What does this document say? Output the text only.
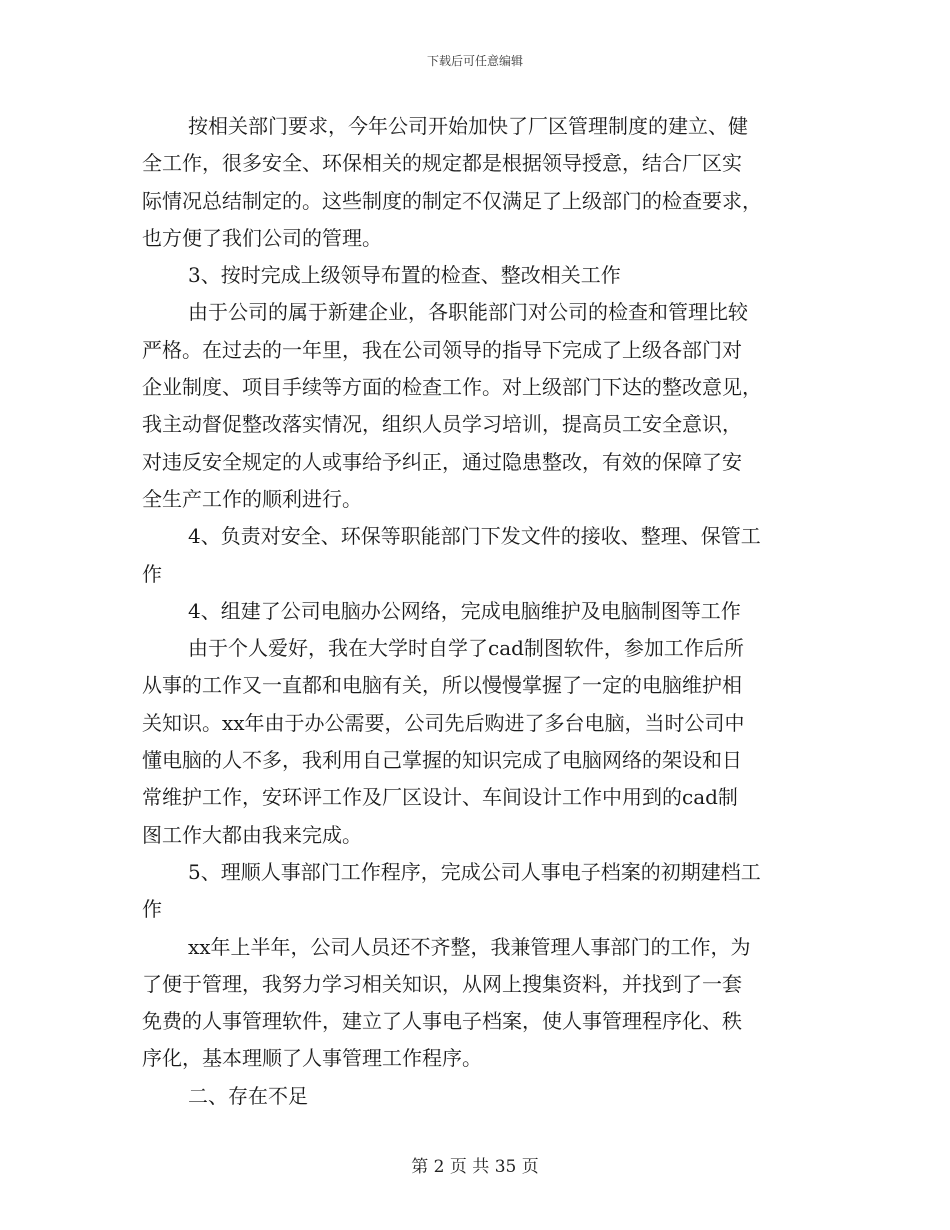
下载后可任意编辑
按相关部门要求，今年公司开始加快了厂区管理制度的建立、健
全工作，很多安全、环保相关的规定都是根据领导授意，结合厂区实
际情况总结制定的。这些制度的制定不仅满足了上级部门的检查要求，
也方便了我们公司的管理。
3、按时完成上级领导布置的检查、整改相关工作
由于公司的属于新建企业，各职能部门对公司的检查和管理比较
严格。在过去的一年里，我在公司领导的指导下完成了上级各部门对
企业制度、项目手续等方面的检查工作。对上级部门下达的整改意见，
我主动督促整改落实情况，组织人员学习培训，提高员工安全意识，
对违反安全规定的人或事给予纠正，通过隐患整改，有效的保障了安
全生产工作的顺利进行。
4、负责对安全、环保等职能部门下发文件的接收、整理、保管工
作
4、组建了公司电脑办公网络，完成电脑维护及电脑制图等工作
由于个人爱好，我在大学时自学了cad制图软件，参加工作后所
从事的工作又一直都和电脑有关，所以慢慢掌握了一定的电脑维护相
关知识。xx年由于办公需要，公司先后购进了多台电脑，当时公司中
懂电脑的人不多，我利用自己掌握的知识完成了电脑网络的架设和日
常维护工作，安环评工作及厂区设计、车间设计工作中用到的cad制
图工作大都由我来完成。
5、理顺人事部门工作程序，完成公司人事电子档案的初期建档工
作
xx年上半年，公司人员还不齐整，我兼管理人事部门的工作，为
了便于管理，我努力学习相关知识，从网上搜集资料，并找到了一套
免费的人事管理软件，建立了人事电子档案，使人事管理程序化、秩
序化，基本理顺了人事管理工作程序。
二、存在不足
第 2 页 共 35 页
